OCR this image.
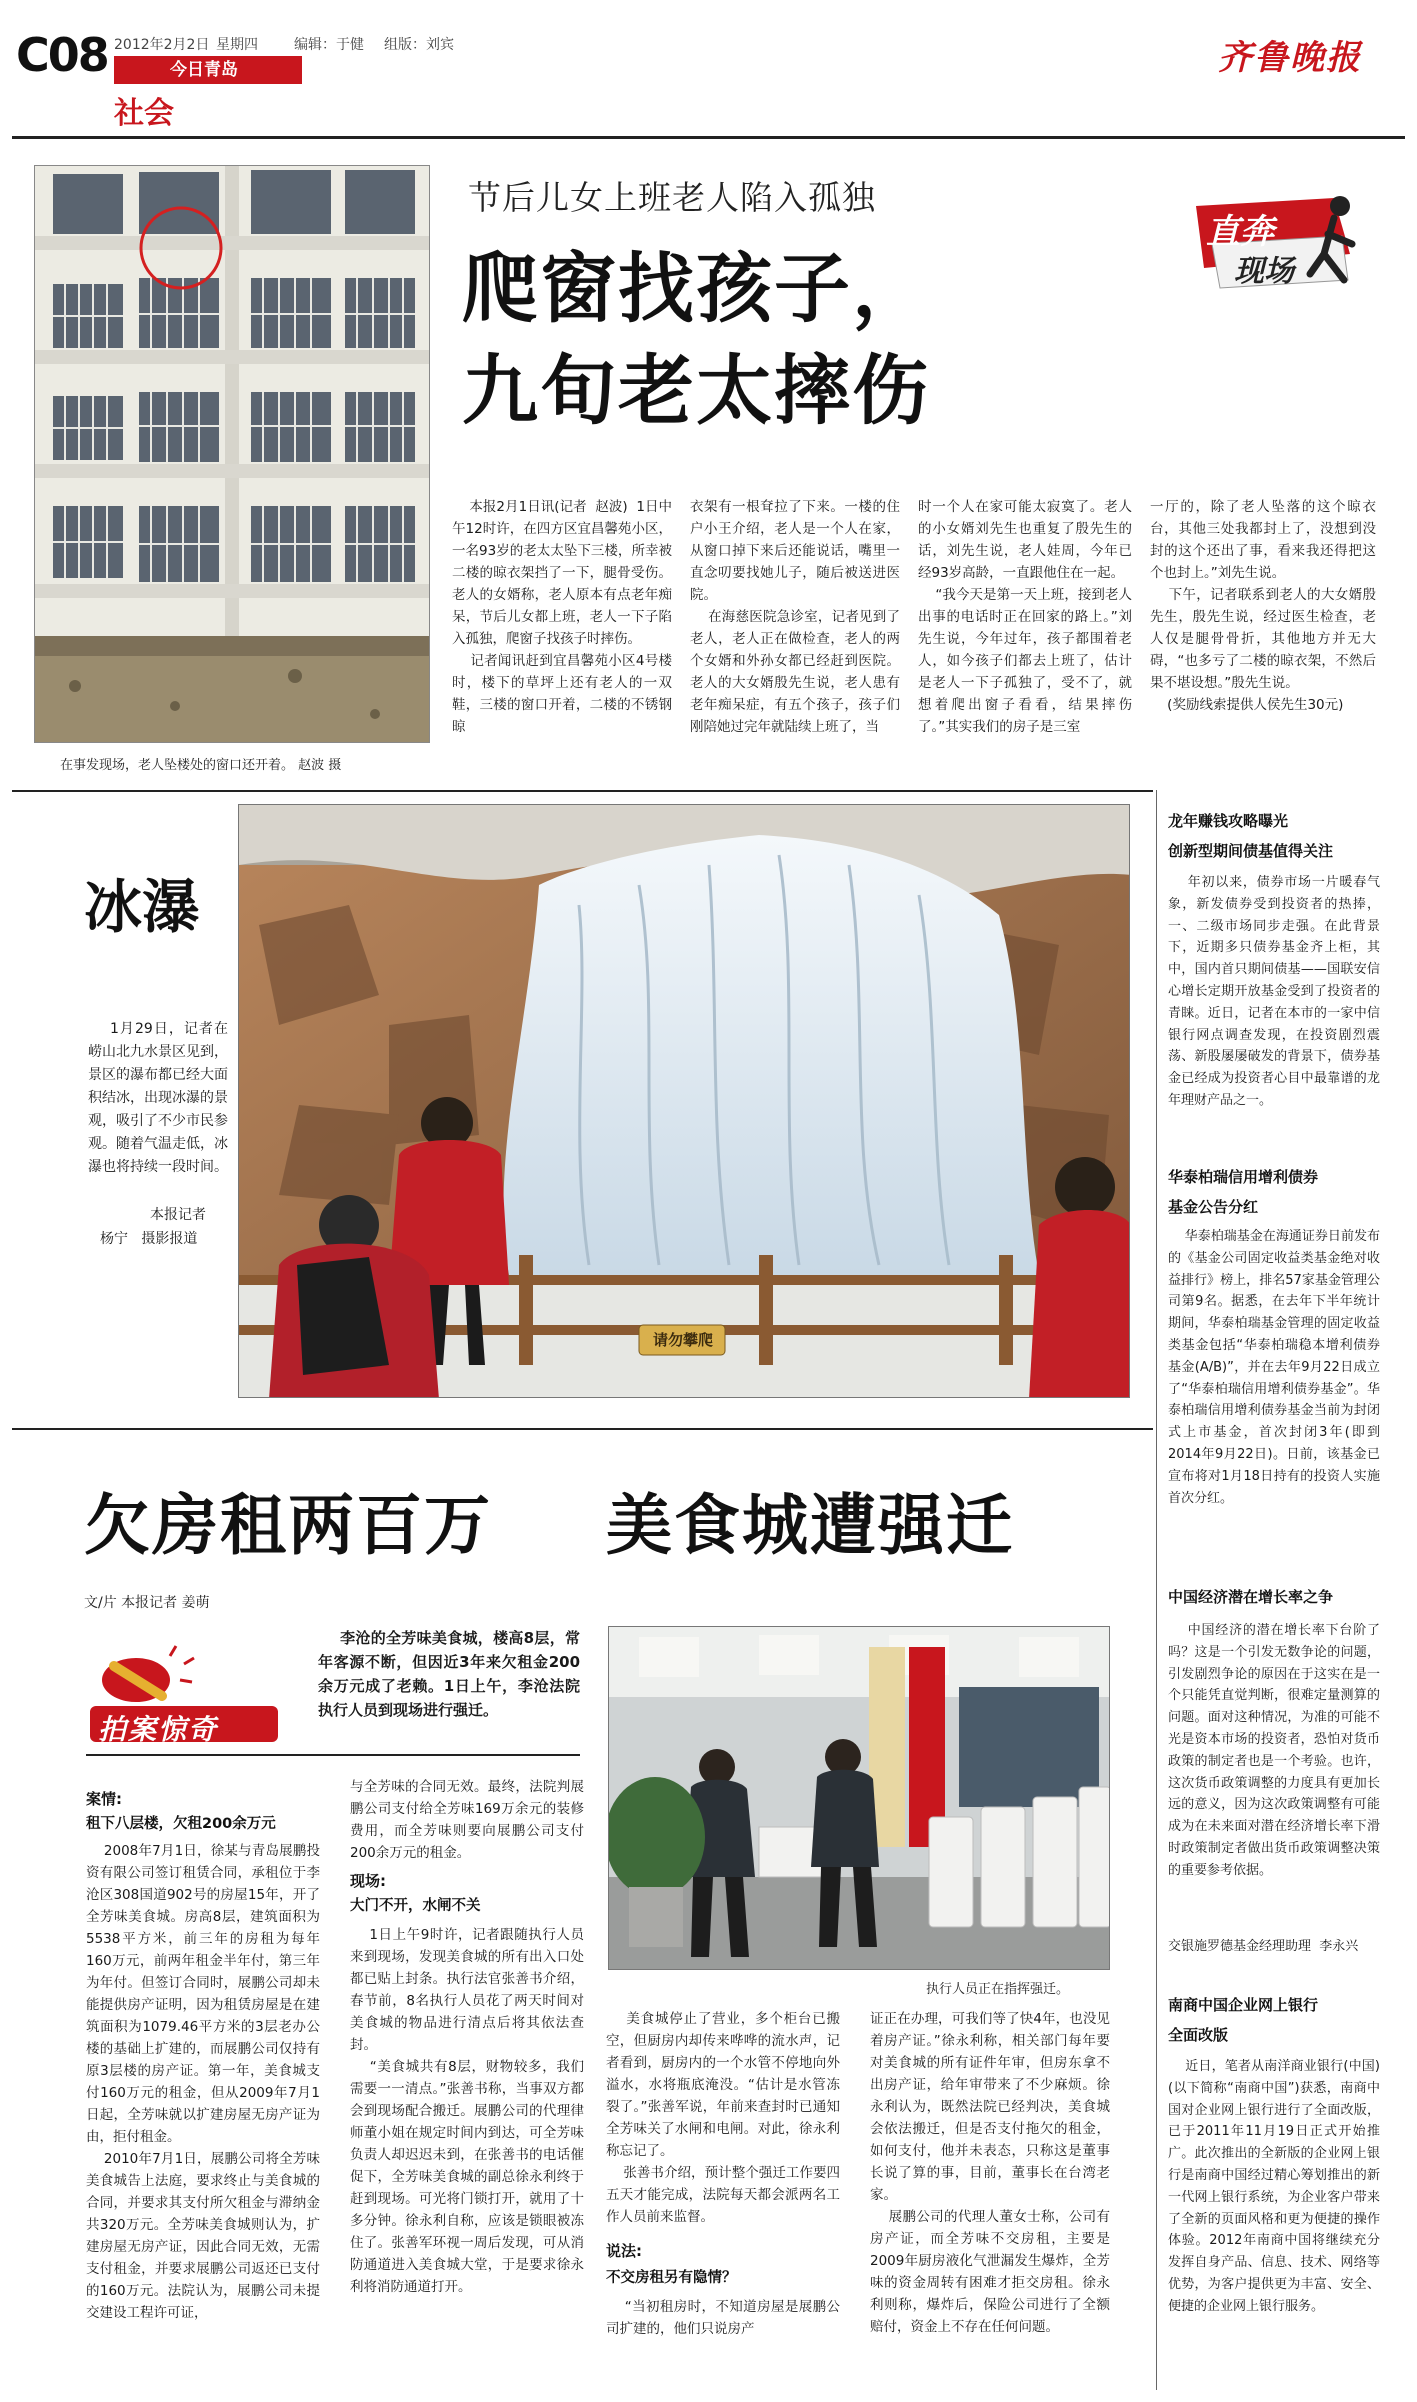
C08 2012年2月2日 星期四	编辑：于健 组版：刘宾
今日青岛
社会
齐鲁晚报
在事发现场，老人坠楼处的窗口还开着。 赵波 摄
节后儿女上班老人陷入孤独
爬窗找孩子，
九旬老太摔伤
直奔
现场
本报2月1日讯(记者  赵波)  1日中午12时许，在四方区宜昌馨苑小区，一名93岁的老太太坠下三楼，所幸被二楼的晾衣架挡了一下，腿骨受伤。老人的女婿称，老人原本有点老年痴呆，节后儿女都上班，老人一下子陷入孤独，爬窗子找孩子时摔伤。
记者闻讯赶到宜昌馨苑小区4号楼时，楼下的草坪上还有老人的一双鞋，三楼的窗口开着，二楼的不锈钢晾
衣架有一根耷拉了下来。一楼的住户小王介绍，老人是一个人在家，从窗口掉下来后还能说话，嘴里一直念叨要找她儿子，随后被送进医院。
在海慈医院急诊室，记者见到了老人，老人正在做检查，老人的两个女婿和外孙女都已经赶到医院。老人的大女婿殷先生说，老人患有老年痴呆症，有五个孩子，孩子们刚陪她过完年就陆续上班了，当
时一个人在家可能太寂寞了。老人的小女婿刘先生也重复了殷先生的话，刘先生说，老人娃周，今年已经93岁高龄，一直跟他住在一起。
“我今天是第一天上班，接到老人出事的电话时正在回家的路上。”刘先生说，今年过年，孩子都围着老人，如今孩子们都去上班了，估计是老人一下子孤独了，受不了，就想着爬出窗子看看，结果摔伤了。”其实我们的房子是三室
一厅的，除了老人坠落的这个晾衣台，其他三处我都封上了，没想到没封的这个还出了事，看来我还得把这个也封上。”刘先生说。
下午，记者联系到老人的大女婿殷先生，殷先生说，经过医生检查，老人仅是腿骨骨折，其他地方并无大碍，“也多亏了二楼的晾衣架，不然后果不堪设想。”殷先生说。
(奖励线索提供人侯先生30元)
冰瀑
1月29日，记者在崂山北九水景区见到，景区的瀑布都已经大面积结冰，出现冰瀑的景观，吸引了不少市民参观。随着气温走低，冰瀑也将持续一段时间。
本报记者
杨宁   摄影报道
请勿攀爬
龙年赚钱攻略曝光
创新型期间债基值得关注
年初以来，债券市场一片暖春气象，新发债券受到投资者的热捧，一、二级市场同步走强。在此背景下，近期多只债券基金齐上柜，其中，国内首只期间债基——国联安信心增长定期开放基金受到了投资者的青睐。近日，记者在本市的一家中信银行网点调查发现，在投资剧烈震荡、新股屡屡破发的背景下，债券基金已经成为投资者心目中最靠谱的龙年理财产品之一。
华泰柏瑞信用增利债券
基金公告分红
华泰柏瑞基金在海通证券日前发布的《基金公司固定收益类基金绝对收益排行》榜上，排名57家基金管理公司第9名。据悉，在去年下半年统计期间，华泰柏瑞基金管理的固定收益类基金包括“华泰柏瑞稳本增利债券基金(A/B)”，并在去年9月22日成立了“华泰柏瑞信用增利债券基金”。华泰柏瑞信用增利债券基金当前为封闭式上市基金，首次封闭3年(即到2014年9月22日)。日前，该基金已宣布将对1月18日持有的投资人实施首次分红。
中国经济潜在增长率之争
中国经济的潜在增长率下台阶了吗？这是一个引发无数争论的问题，引发剧烈争论的原因在于这实在是一个只能凭直觉判断，很难定量测算的问题。面对这种情况，为准的可能不光是资本市场的投资者，恐怕对货币政策的制定者也是一个考验。也许，这次货币政策调整的力度具有更加长远的意义，因为这次政策调整有可能成为在未来面对潜在经济增长率下滑时政策制定者做出货币政策调整决策的重要参考依据。
交银施罗德基金经理助理  李永兴
南商中国企业网上银行
全面改版
近日，笔者从南洋商业银行(中国)(以下简称“南商中国”)获悉，南商中国对企业网上银行进行了全面改版，已于2011年11月19日正式开始推广。此次推出的全新版的企业网上银行是南商中国经过精心筹划推出的新一代网上银行系统，为企业客户带来了全新的页面风格和更为便捷的操作体验。2012年南商中国将继续充分发挥自身产品、信息、技术、网络等优势，为客户提供更为丰富、安全、便捷的企业网上银行服务。
欠房租两百万 美食城遭强迁
文/片 本报记者 姜萌
拍案惊奇
李沧的全芳味美食城，楼高8层，常年客源不断，但因近3年来欠租金200余万元成了老赖。1日上午，李沧法院执行人员到现场进行强迁。
案情:
租下八层楼，欠租200余万元
2008年7月1日，徐某与青岛展鹏投资有限公司签订租赁合同，承租位于李沧区308国道902号的房屋15年，开了全芳味美食城。房高8层，建筑面积为5538平方米，前三年的房租为每年160万元，前两年租金半年付，第三年为年付。但签订合同时，展鹏公司却未能提供房产证明，因为租赁房屋是在建筑面积为1079.46平方米的3层老办公楼的基础上扩建的，而展鹏公司仅持有原3层楼的房产证。第一年，美食城支付160万元的租金，但从2009年7月1日起，全芳味就以扩建房屋无房产证为由，拒付租金。
2010年7月1日，展鹏公司将全芳味美食城告上法庭，要求终止与美食城的合同，并要求其支付所欠租金与滞纳金共320万元。全芳味美食城则认为，扩建房屋无房产证，因此合同无效，无需支付租金，并要求展鹏公司返还已支付的160万元。法院认为，展鹏公司未提交建设工程许可证，
与全芳味的合同无效。最终，法院判展鹏公司支付给全芳味169万余元的装修费用，而全芳味则要向展鹏公司支付200余万元的租金。
现场:
大门不开，水闸不关
1日上午9时许，记者跟随执行人员来到现场，发现美食城的所有出入口处都已贴上封条。执行法官张善书介绍，春节前，8名执行人员花了两天时间对美食城的物品进行清点后将其依法查封。
“美食城共有8层，财物较多，我们需要一一清点。”张善书称，当事双方都会到现场配合搬迁。展鹏公司的代理律师董小姐在规定时间内到达，可全芳味负责人却迟迟未到，在张善书的电话催促下，全芳味美食城的副总徐永利终于赶到现场。可光将门锁打开，就用了十多分钟。徐永利自称，应该是锁眼被冻住了。张善军环视一周后发现，可从消防通道进入美食城大堂，于是要求徐永利将消防通道打开。
执行人员正在指挥强迁。
美食城停止了营业，多个柜台已搬空，但厨房内却传来哗哗的流水声，记者看到，厨房内的一个水管不停地向外溢水，水将瓶底淹没。“估计是水管冻裂了。”张善军说，年前来查封时已通知全芳味关了水闸和电闸。对此，徐永利称忘记了。
张善书介绍，预计整个强迁工作要四五天才能完成，法院每天都会派两名工作人员前来监督。
说法:
不交房租另有隐情？
“当初租房时，不知道房屋是展鹏公司扩建的，他们只说房产
证正在办理，可我们等了快4年，也没见着房产证。”徐永利称，相关部门每年要对美食城的所有证件年审，但房东拿不出房产证，给年审带来了不少麻烦。徐永利认为，既然法院已经判决，美食城会依法搬迁，但是否支付拖欠的租金，如何支付，他并未表态，只称这是董事长说了算的事，目前，董事长在台湾老家。
展鹏公司的代理人董女士称，公司有房产证，而全芳味不交房租，主要是2009年厨房液化气泄漏发生爆炸，全芳味的资金周转有困难才拒交房租。徐永利则称，爆炸后，保险公司进行了全额赔付，资金上不存在任何问题。
